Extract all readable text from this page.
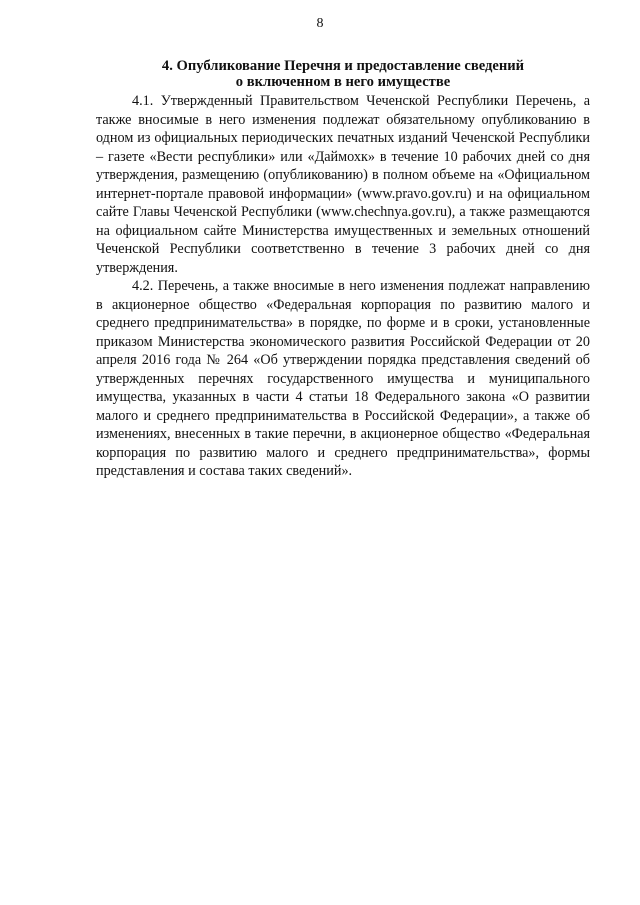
8
4. Опубликование Перечня и предоставление сведений
о включенном в него имуществе

4.1. Утвержденный Правительством Чеченской Республики Перечень, а также вносимые в него изменения подлежат обязательному опубликованию в одном из официальных периодических печатных изданий Чеченской Республики – газете «Вести республики» или «Даймохк» в течение 10 рабочих дней со дня утверждения, размещению (опубликованию) в полном объеме на «Официальном интернет-портале правовой информации» (www.pravo.gov.ru) и на официальном сайте Главы Чеченской Республики (www.chechnya.gov.ru), а также размещаются на официальном сайте Министерства имущественных и земельных отношений Чеченской Республики соответственно в течение 3 рабочих дней со дня утверждения.

4.2. Перечень, а также вносимые в него изменения подлежат направлению в акционерное общество «Федеральная корпорация по развитию малого и среднего предпринимательства» в порядке, по форме и в сроки, установленные приказом Министерства экономического развития Российской Федерации от 20 апреля 2016 года № 264 «Об утверждении порядка представления сведений об утвержденных перечнях государственного имущества и муниципального имущества, указанных в части 4 статьи 18 Федерального закона «О развитии малого и среднего предпринимательства в Российской Федерации», а также об изменениях, внесенных в такие перечни, в акционерное общество «Федеральная корпорация по развитию малого и среднего предпринимательства», формы представления и состава таких сведений».
